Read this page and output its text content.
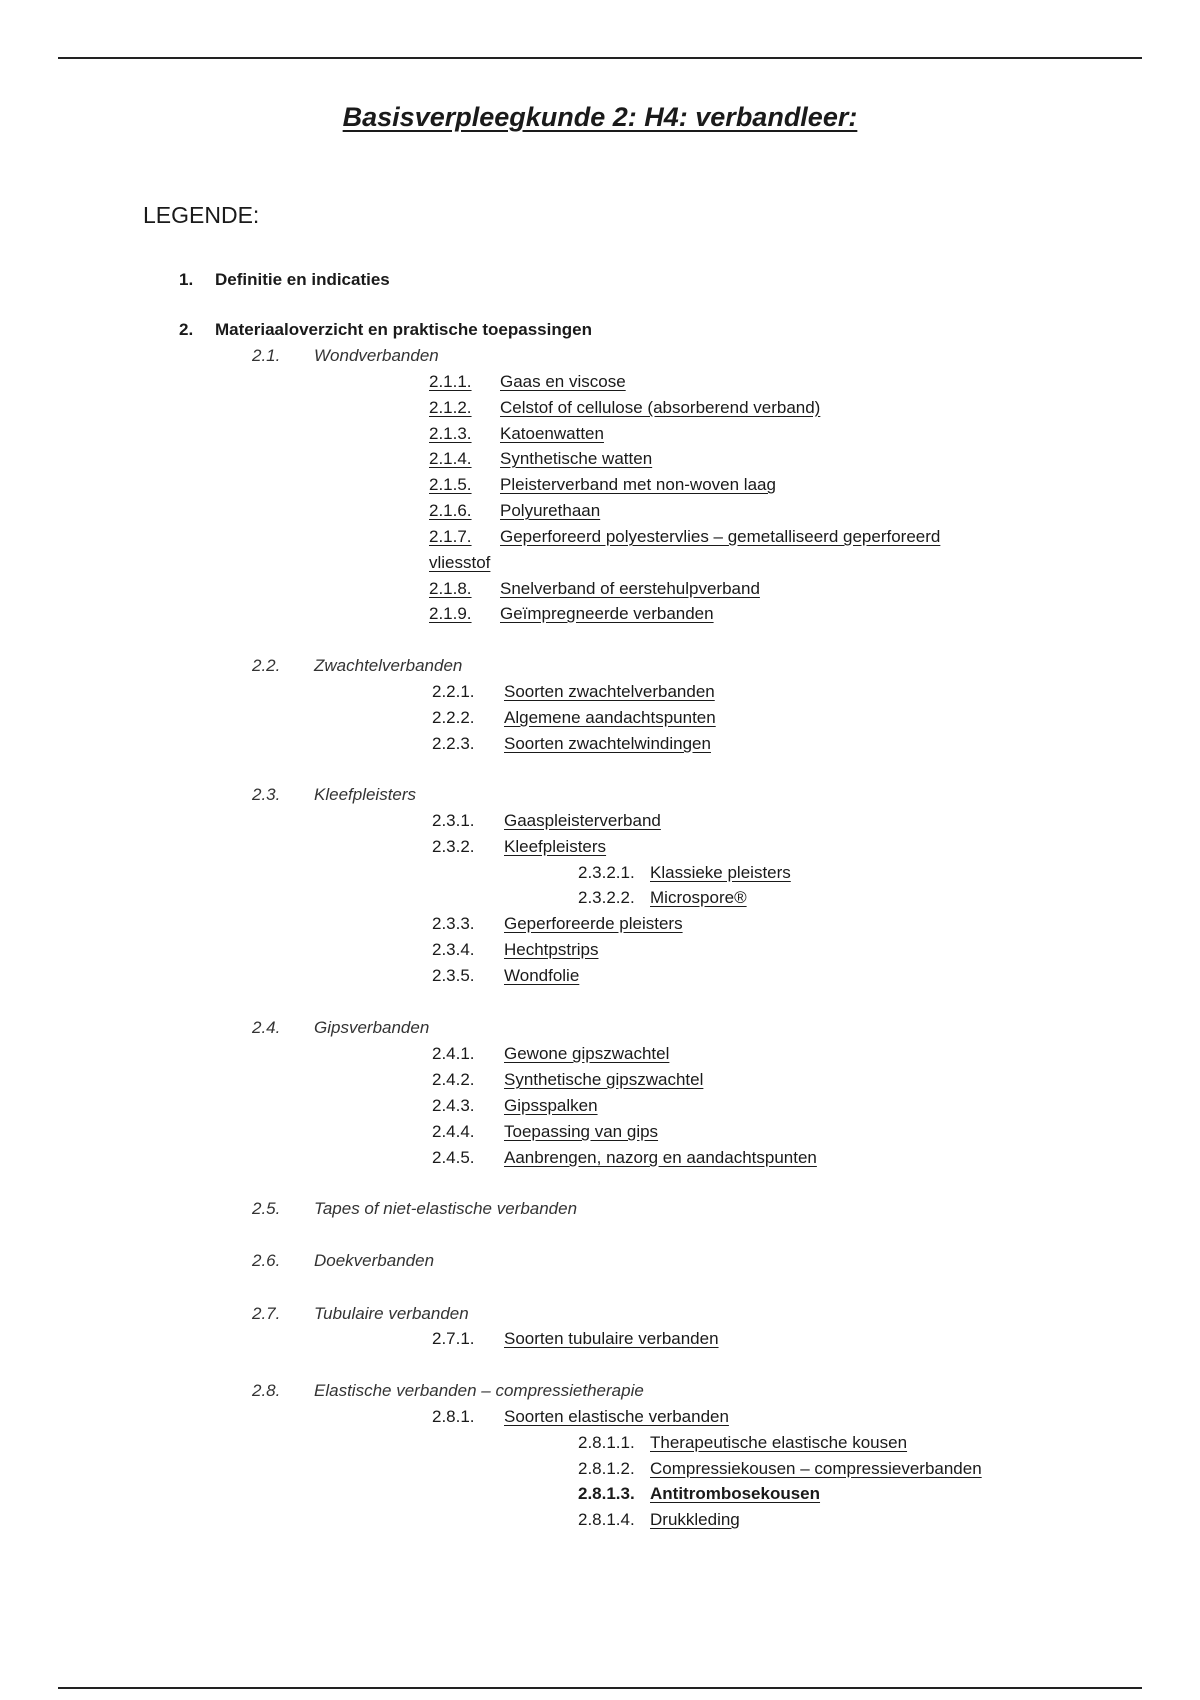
Basisverpleegkunde 2: H4: verbandleer:
LEGENDE:
1.	Definitie en indicaties
2.	Materiaaloverzicht en praktische toepassingen
2.1.	Wondverbanden
2.1.1.	Gaas en viscose
2.1.2.	Celstof of cellulose (absorberend verband)
2.1.3.	Katoenwatten
2.1.4.	Synthetische watten
2.1.5.	Pleisterverband met non-woven laag
2.1.6.	Polyurethaan
2.1.7.	Geperforeerd polyestervlies – gemetalliseerd geperforeerd
vliesstof
2.1.8.	Snelverband of eerstehulpverband
2.1.9.	Geïmpregneerde verbanden
2.2.	Zwachtelverbanden
2.2.1.	Soorten zwachtelverbanden
2.2.2.	Algemene aandachtspunten
2.2.3.	Soorten zwachtelwindingen
2.3.	Kleefpleisters
2.3.1.	Gaaspleisterverband
2.3.2.	Kleefpleisters
2.3.2.1. Klassieke pleisters
2.3.2.2. Microspore®
2.3.3.	Geperforeerde pleisters
2.3.4.	Hechtpstrips
2.3.5.	Wondfolie
2.4.	Gipsverbanden
2.4.1.	Gewone gipszwachtel
2.4.2.	Synthetische gipszwachtel
2.4.3.	Gipsspalken
2.4.4.	Toepassing van gips
2.4.5.	Aanbrengen, nazorg en aandachtspunten
2.5.	Tapes of niet-elastische verbanden
2.6.	Doekverbanden
2.7.	Tubulaire verbanden
2.7.1.	Soorten tubulaire verbanden
2.8.	Elastische verbanden – compressietherapie
2.8.1.	Soorten elastische verbanden
2.8.1.1. Therapeutische elastische kousen
2.8.1.2. Compressiekousen – compressieverbanden
2.8.1.3. Antitrombosekousen
2.8.1.4. Drukkleding
